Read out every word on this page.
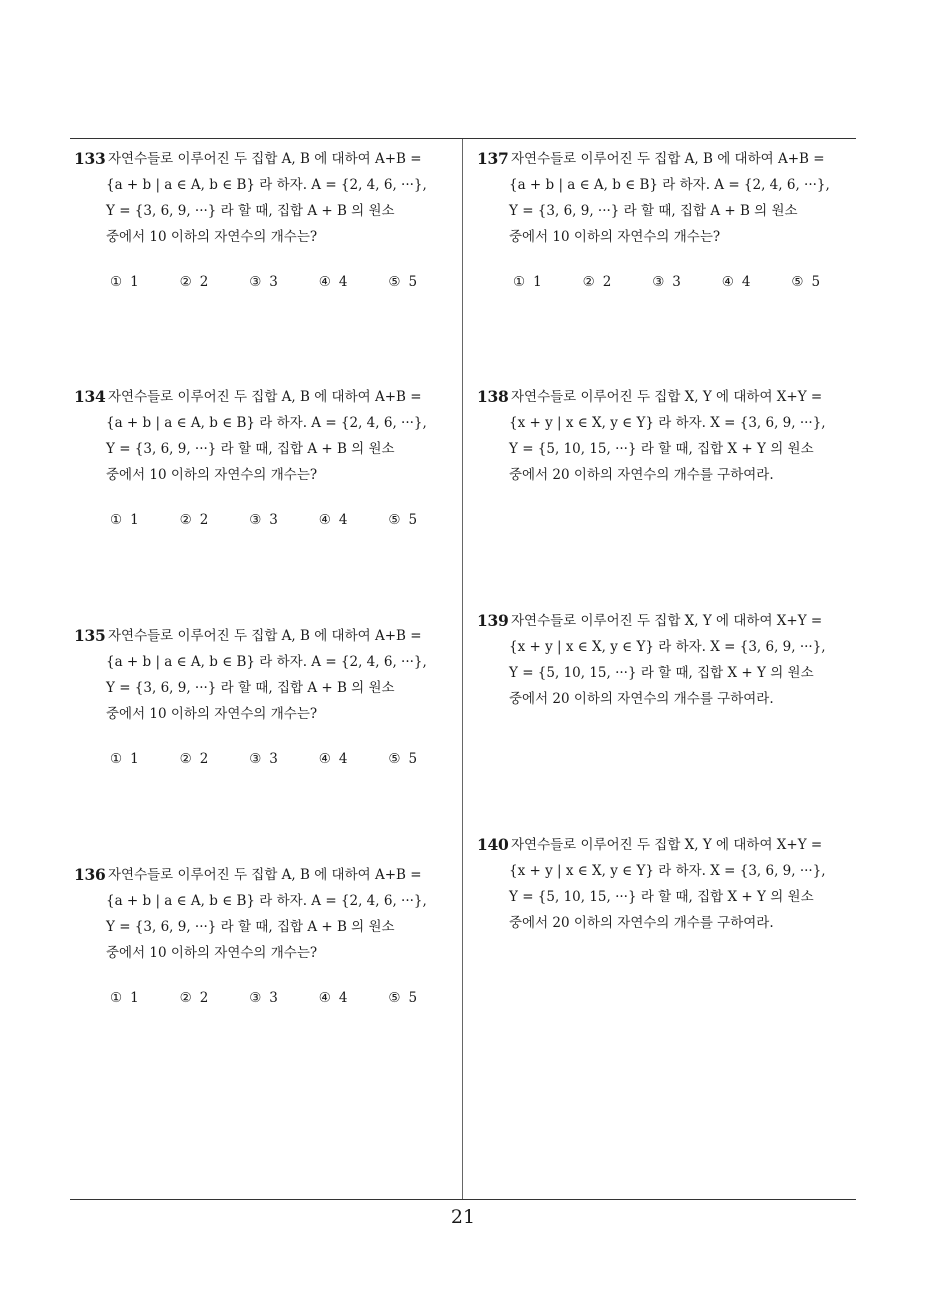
133 자연수들로 이루어진 두 집합 A, B 에 대하여 A+B =
{a + b | a ∈ A, b ∈ B} 라 하자. A = {2, 4, 6, ···},
Y = {3, 6, 9, ···} 라 할 때, 집합 A + B 의 원소
중에서 10 이하의 자연수의 개수는?
① 1	② 2	③ 3	④ 4	⑤ 5
134 자연수들로 이루어진 두 집합 A, B 에 대하여 A+B =
{a + b | a ∈ A, b ∈ B} 라 하자. A = {2, 4, 6, ···},
Y = {3, 6, 9, ···} 라 할 때, 집합 A + B 의 원소
중에서 10 이하의 자연수의 개수는?
① 1	② 2	③ 3	④ 4	⑤ 5
135 자연수들로 이루어진 두 집합 A, B 에 대하여 A+B =
{a + b | a ∈ A, b ∈ B} 라 하자. A = {2, 4, 6, ···},
Y = {3, 6, 9, ···} 라 할 때, 집합 A + B 의 원소
중에서 10 이하의 자연수의 개수는?
① 1	② 2	③ 3	④ 4	⑤ 5
136 자연수들로 이루어진 두 집합 A, B 에 대하여 A+B =
{a + b | a ∈ A, b ∈ B} 라 하자. A = {2, 4, 6, ···},
Y = {3, 6, 9, ···} 라 할 때, 집합 A + B 의 원소
중에서 10 이하의 자연수의 개수는?
① 1	② 2	③ 3	④ 4	⑤ 5
137 자연수들로 이루어진 두 집합 A, B 에 대하여 A+B =
{a + b | a ∈ A, b ∈ B} 라 하자. A = {2, 4, 6, ···},
Y = {3, 6, 9, ···} 라 할 때, 집합 A + B 의 원소
중에서 10 이하의 자연수의 개수는?
① 1	② 2	③ 3	④ 4	⑤ 5
138 자연수들로 이루어진 두 집합 X, Y 에 대하여 X+Y =
{x + y | x ∈ X, y ∈ Y} 라 하자. X = {3, 6, 9, ···},
Y = {5, 10, 15, ···} 라 할 때, 집합 X + Y 의 원소
중에서 20 이하의 자연수의 개수를 구하여라.
139 자연수들로 이루어진 두 집합 X, Y 에 대하여 X+Y =
{x + y | x ∈ X, y ∈ Y} 라 하자. X = {3, 6, 9, ···},
Y = {5, 10, 15, ···} 라 할 때, 집합 X + Y 의 원소
중에서 20 이하의 자연수의 개수를 구하여라.
140 자연수들로 이루어진 두 집합 X, Y 에 대하여 X+Y =
{x + y | x ∈ X, y ∈ Y} 라 하자. X = {3, 6, 9, ···},
Y = {5, 10, 15, ···} 라 할 때, 집합 X + Y 의 원소
중에서 20 이하의 자연수의 개수를 구하여라.
21
